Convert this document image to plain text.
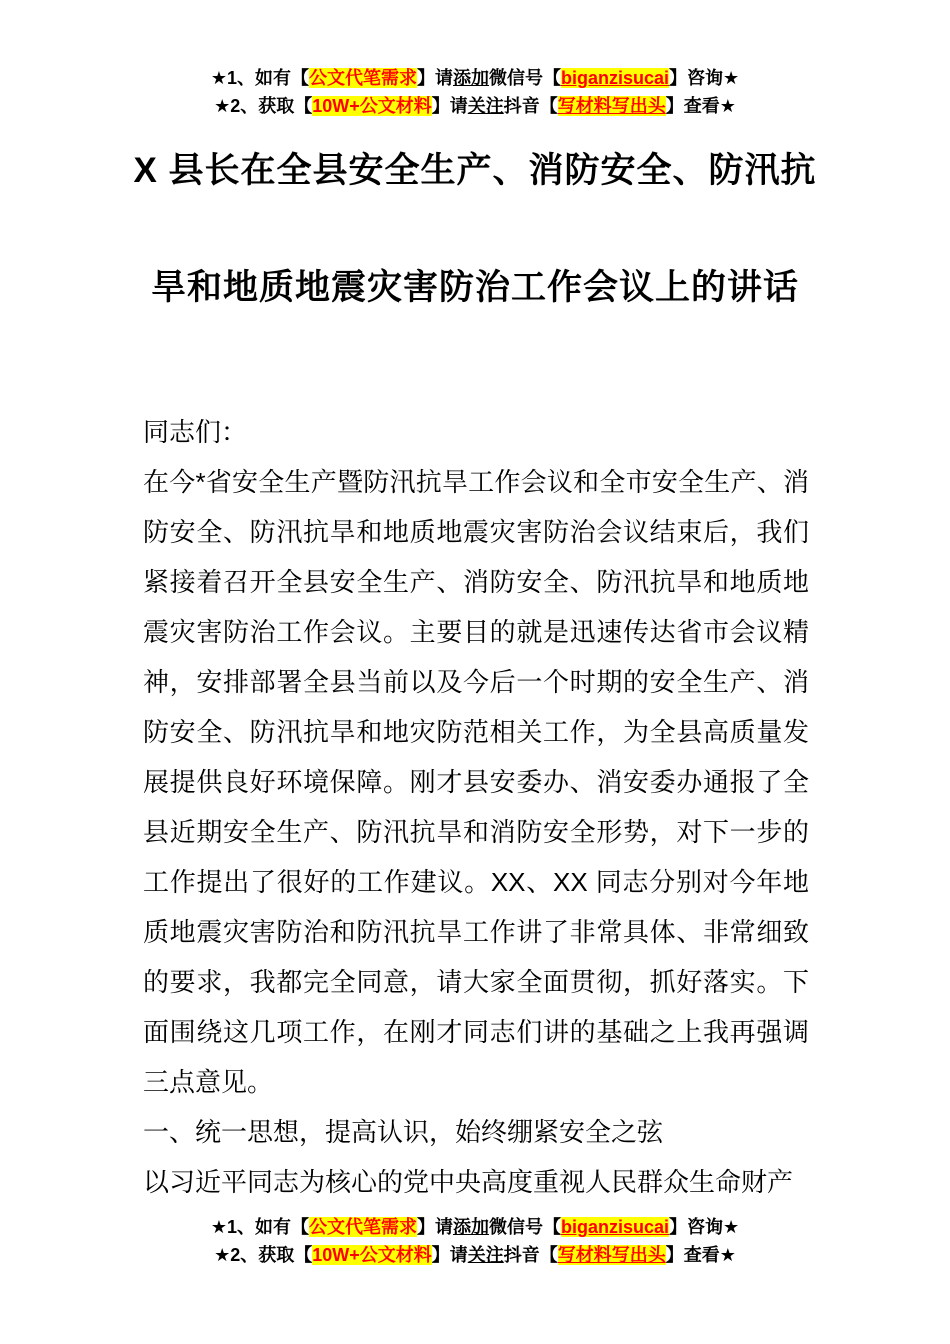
★1、如有【公文代笔需求】请添加微信号【biganzisucai】咨询★
★2、获取【10W+公文材料】请关注抖音【写材料写出头】查看★
X 县长在全县安全生产、消防安全、防汛抗
旱和地质地震灾害防治工作会议上的讲话

同志们：

在今*省安全生产暨防汛抗旱工作会议和全市安全生产、消防安全、防汛抗旱和地质地震灾害防治会议结束后，我们紧接着召开全县安全生产、消防安全、防汛抗旱和地质地震灾害防治工作会议。主要目的就是迅速传达省市会议精神，安排部署全县当前以及今后一个时期的安全生产、消防安全、防汛抗旱和地灾防范相关工作，为全县高质量发展提供良好环境保障。刚才县安委办、消安委办通报了全县近期安全生产、防汛抗旱和消防安全形势，对下一步的工作提出了很好的工作建议。XX、XX 同志分别对今年地质地震灾害防治和防汛抗旱工作讲了非常具体、非常细致的要求，我都完全同意，请大家全面贯彻，抓好落实。下面围绕这几项工作，在刚才同志们讲的基础之上我再强调三点意见。

一、统一思想，提高认识，始终绷紧安全之弦

以习近平同志为核心的党中央高度重视人民群众生命财产

★1、如有【公文代笔需求】请添加微信号【biganzisucai】咨询★
★2、获取【10W+公文材料】请关注抖音【写材料写出头】查看★
